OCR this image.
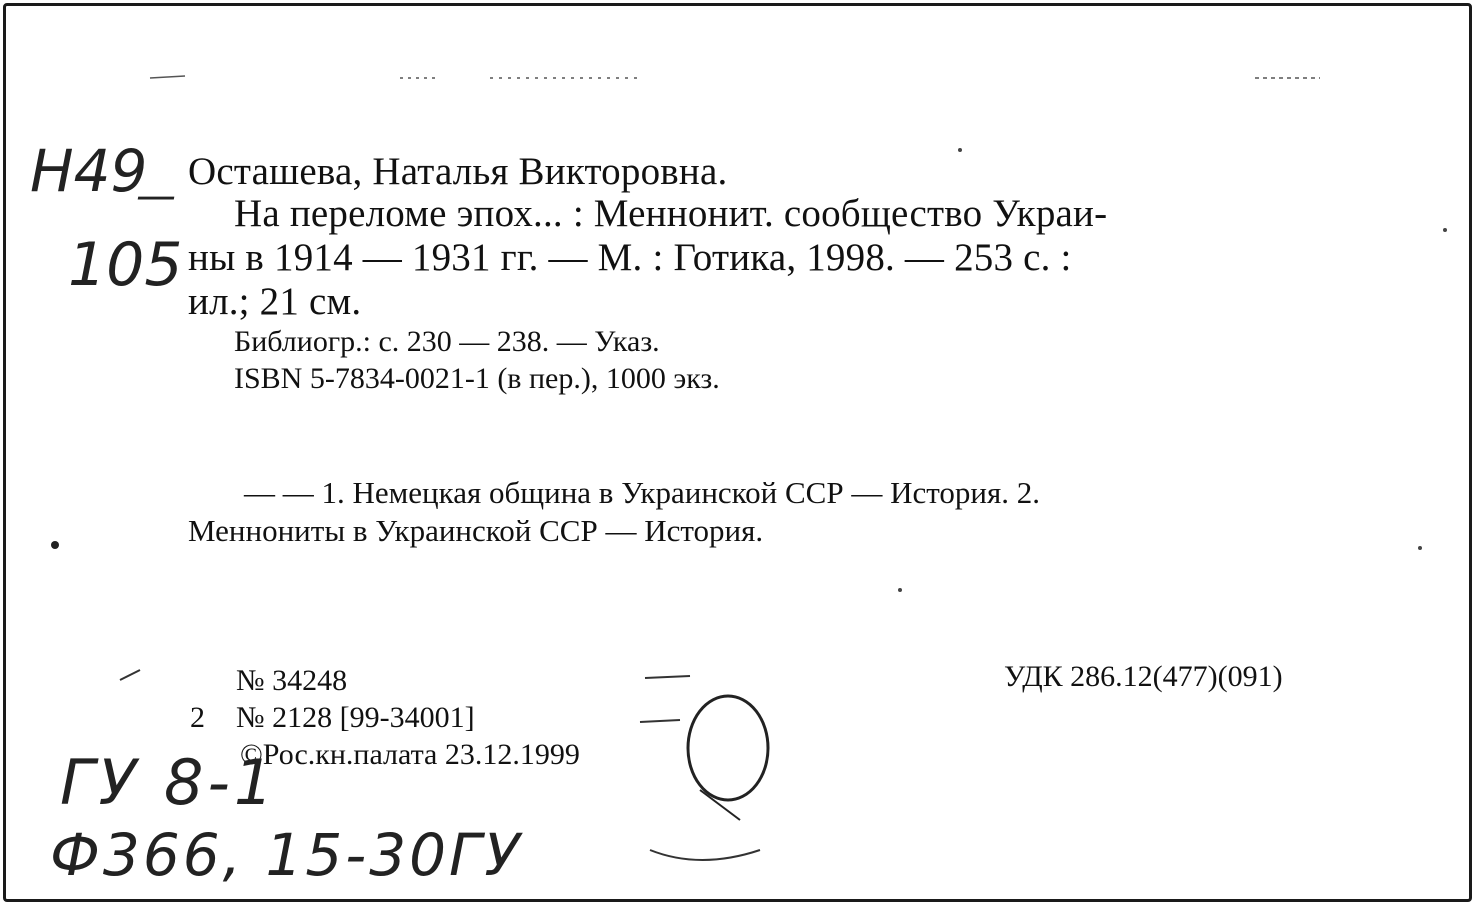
Н49
—
105
Осташева, Наталья Викторовна.
На переломе эпох... : Меннонит. сообщество Украи-
ны в 1914 — 1931 гг. — М. : Готика, 1998. — 253 с. :
ил.; 21 см.
Библиогр.: с. 230 — 238. — Указ.
ISBN 5-7834-0021-1 (в пер.), 1000 экз.
— — 1. Немецкая община в Украинской ССР — История. 2.
Меннониты в Украинской ССР — История.
№ 34248
2 № 2128 [99-34001]
©Рос.кн.палата 23.12.1999
УДК 286.12(477)(091)
ГУ 8-1
Ф366, 15-30ГУ
